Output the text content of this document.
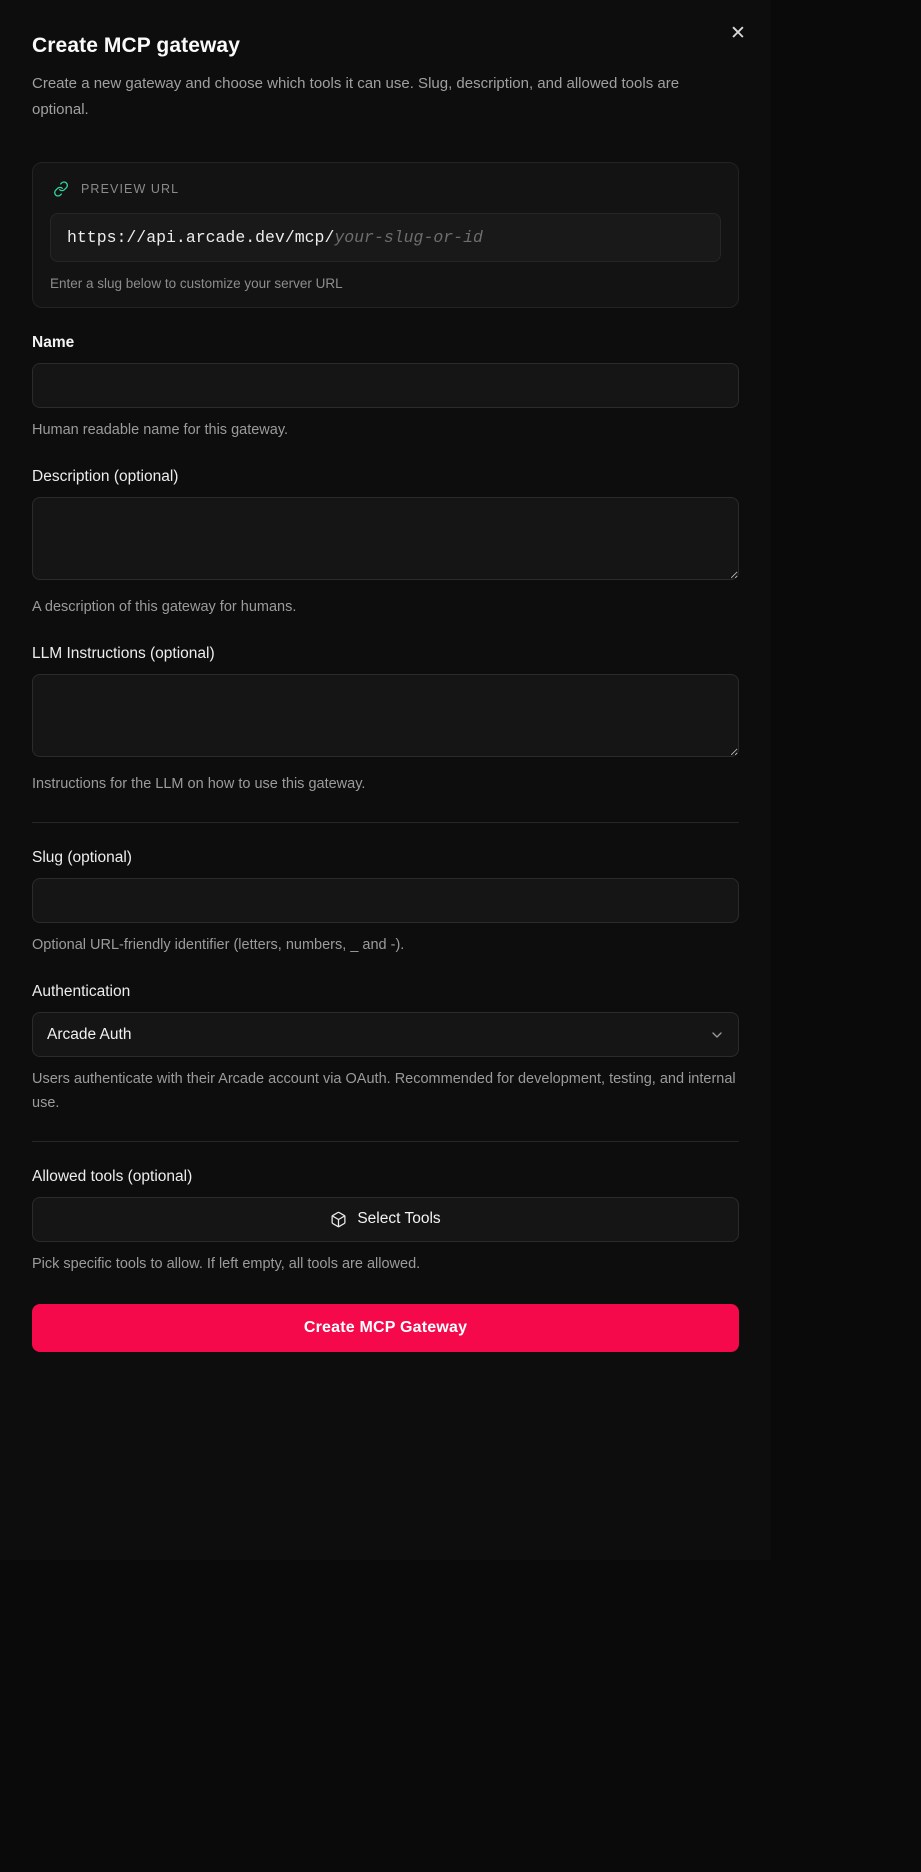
✕
Create MCP gateway
Create a new gateway and choose which tools it can use. Slug, description, and allowed tools are optional.
PREVIEW URL
https://api.arcade.dev/mcp/your-slug-or-id
Enter a slug below to customize your server URL
Name
Human readable name for this gateway.
Description (optional)
A description of this gateway for humans.
LLM Instructions (optional)
Instructions for the LLM on how to use this gateway.
Slug (optional)
Optional URL-friendly identifier (letters, numbers, _ and -).
Authentication
Arcade Auth
Users authenticate with their Arcade account via OAuth. Recommended for development, testing, and internal use.
Allowed tools (optional)
Select Tools
Pick specific tools to allow. If left empty, all tools are allowed.
Create MCP Gateway
